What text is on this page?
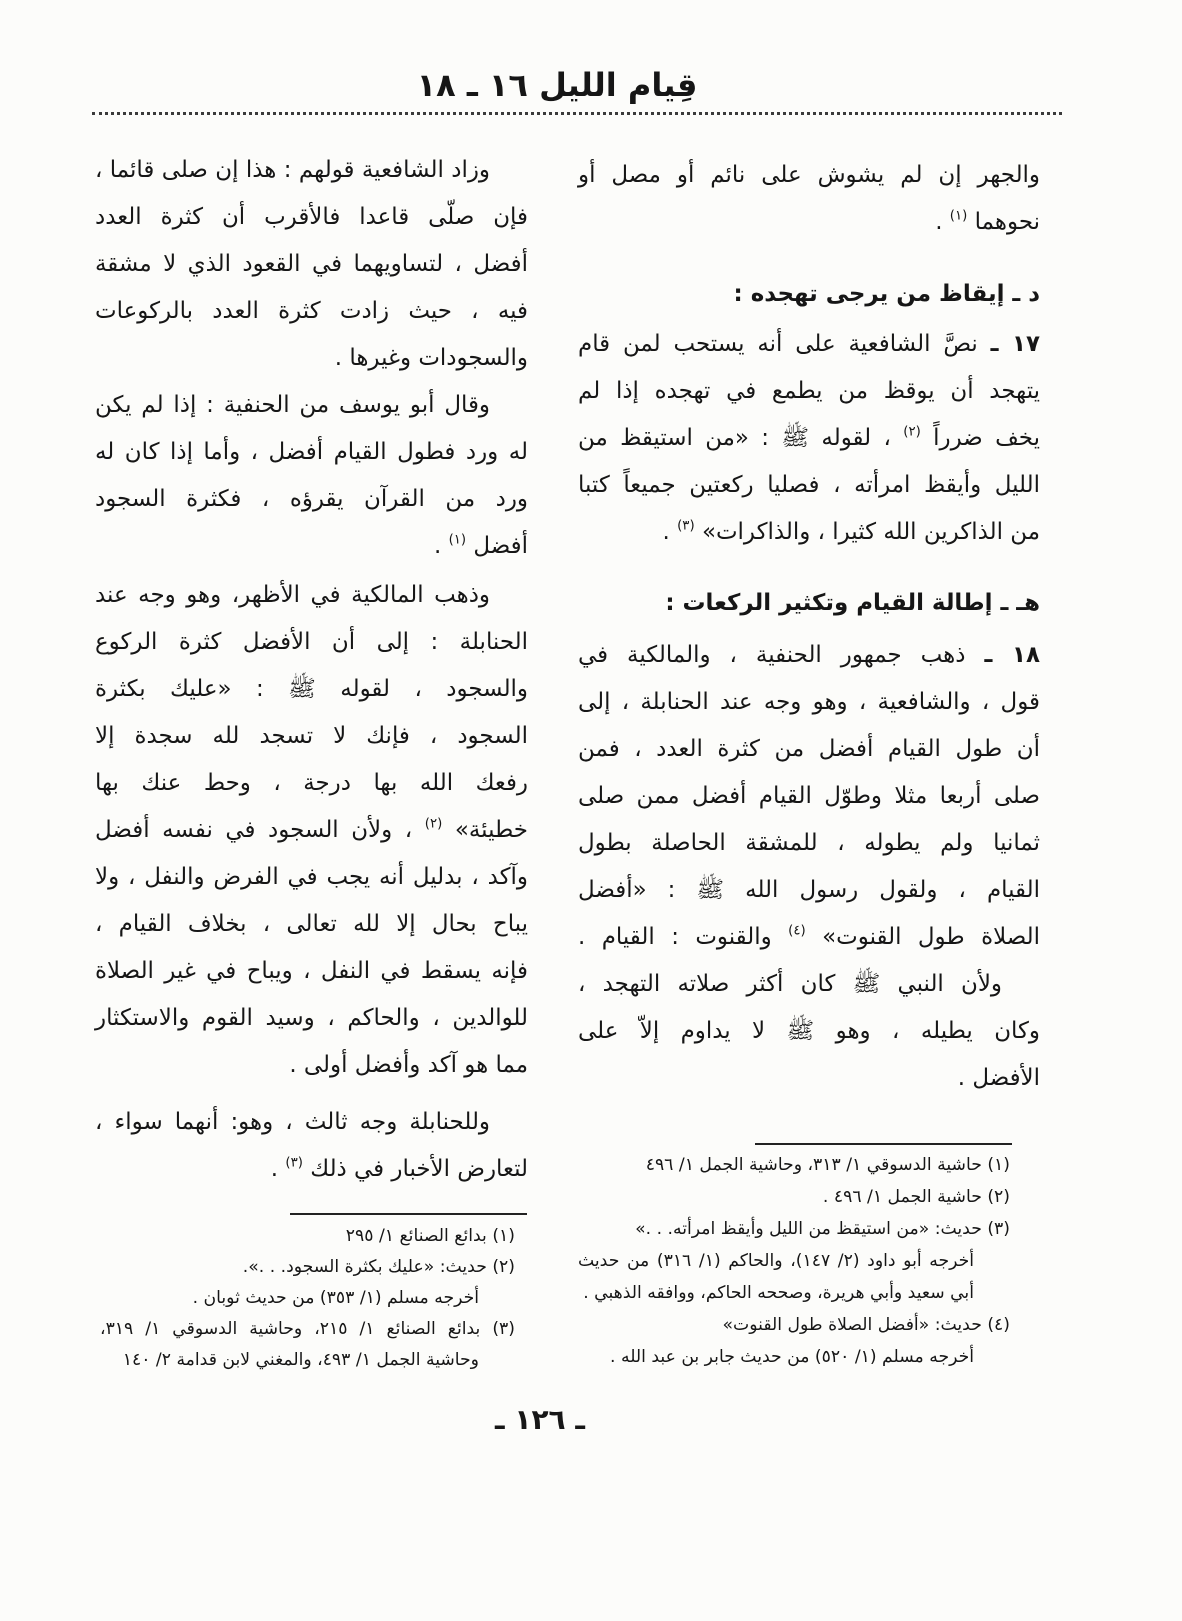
قِيام الليل ١٦ ـ ١٨
والجهر إن لم يشوش على نائم أو مصل أو
نحوهما $^{(١)}$ .
د ـ إيقاظ من يرجى تهجده :
١٧ ـ نصَّ الشافعية على أنه يستحب لمن قام
يتهجد أن يوقظ من يطمع في تهجده إذا لم
يخف ضرراً $^{(٢)}$ ، لقوله ﷺ : «من استيقظ من
الليل وأيقظ امرأته ، فصليا ركعتين جميعاً كتبا
من الذاكرين الله كثيرا ، والذاكرات» $^{(٣)}$ .
هـ ـ إطالة القيام وتكثير الركعات :
١٨ ـ ذهب جمهور الحنفية ، والمالكية في
قول ، والشافعية ، وهو وجه عند الحنابلة ، إلى
أن طول القيام أفضل من كثرة العدد ، فمن
صلى أربعا مثلا وطوّل القيام أفضل ممن صلى
ثمانيا ولم يطوله ، للمشقة الحاصلة بطول
القيام ، ولقول رسول الله ﷺ : «أفضل
الصلاة طول القنوت» $^{(٤)}$ والقنوت : القيام .
ولأن النبي ﷺ كان أكثر صلاته التهجد ،
وكان يطيله ، وهو ﷺ لا يداوم إلاّ على
الأفضل .
(١) حاشية الدسوقي ١/ ٣١٣، وحاشية الجمل ١/ ٤٩٦
(٢) حاشية الجمل ١/ ٤٩٦ .
(٣) حديث: «من استيقظ من الليل وأيقظ امرأته. . .»
أخرجه أبو داود (٢/ ١٤٧)، والحاكم (١/ ٣١٦) من حديث
أبي سعيد وأبي هريرة، وصححه الحاكم، ووافقه الذهبي .
(٤) حديث: «أفضل الصلاة طول القنوت»
أخرجه مسلم (١/ ٥٢٠) من حديث جابر بن عبد الله .
وزاد الشافعية قولهم : هذا إن صلى قائما ،
فإن صلّى قاعدا فالأقرب أن كثرة العدد
أفضل ، لتساويهما في القعود الذي لا مشقة
فيه ، حيث زادت كثرة العدد بالركوعات
والسجودات وغيرها .
وقال أبو يوسف من الحنفية : إذا لم يكن
له ورد فطول القيام أفضل ، وأما إذا كان له
ورد من القرآن يقرؤه ، فكثرة السجود
أفضل $^{(١)}$ .
وذهب المالكية في الأظهر، وهو وجه عند
الحنابلة : إلى أن الأفضل كثرة الركوع
والسجود ، لقوله ﷺ : «عليك بكثرة
السجود ، فإنك لا تسجد لله سجدة إلا
رفعك الله بها درجة ، وحط عنك بها
خطيئة» $^{(٢)}$ ، ولأن السجود في نفسه أفضل
وآكد ، بدليل أنه يجب في الفرض والنفل ، ولا
يباح بحال إلا لله تعالى ، بخلاف القيام ،
فإنه يسقط في النفل ، ويباح في غير الصلاة
للوالدين ، والحاكم ، وسيد القوم والاستكثار
مما هو آكد وأفضل أولى .
وللحنابلة وجه ثالث ، وهو: أنهما سواء ،
لتعارض الأخبار في ذلك $^{(٣)}$ .
(١) بدائع الصنائع ١/ ٢٩٥
(٢) حديث: «عليك بكثرة السجود. . .».
أخرجه مسلم (١/ ٣٥٣) من حديث ثوبان .
(٣) بدائع الصنائع ١/ ٢١٥، وحاشية الدسوقي ١/ ٣١٩،
وحاشية الجمل ١/ ٤٩٣، والمغني لابن قدامة ٢/ ١٤٠
ـ ١٢٦ ـ
